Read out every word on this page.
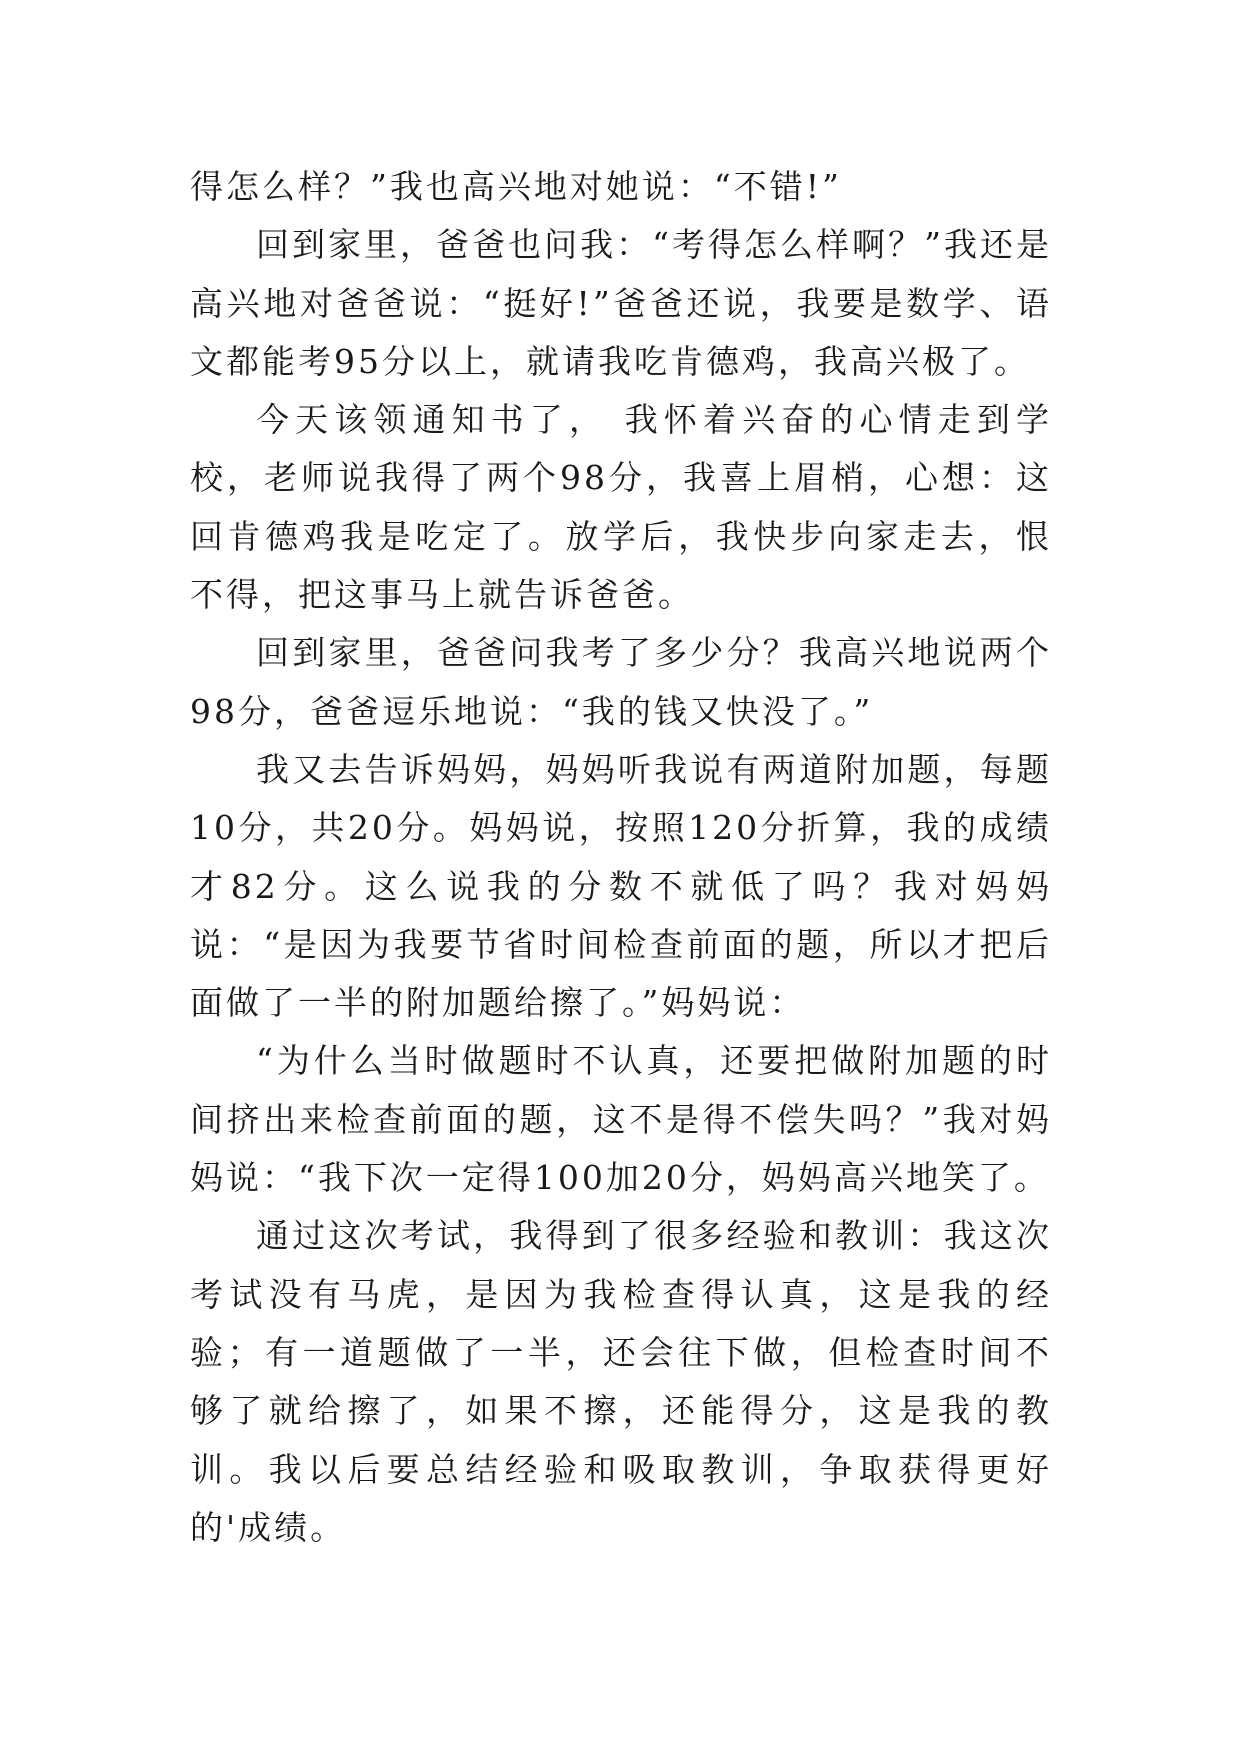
得怎么样？”我也高兴地对她说：“不错!”

回到家里，爸爸也问我：“考得怎么样啊？”我还是高兴地对爸爸说：“挺好!”爸爸还说，我要是数学、语文都能考95分以上，就请我吃肯德鸡，我高兴极了。

今天该领通知书了， 我怀着兴奋的心情走到学校，老师说我得了两个98分，我喜上眉梢，心想：这回肯德鸡我是吃定了。放学后，我快步向家走去，恨不得，把这事马上就告诉爸爸。

回到家里，爸爸问我考了多少分？我高兴地说两个98分，爸爸逗乐地说：“我的钱又快没了。”

我又去告诉妈妈，妈妈听我说有两道附加题，每题10分，共20分。妈妈说，按照120分折算，我的成绩才82分。这么说我的分数不就低了吗？我对妈妈说：“是因为我要节省时间检查前面的题，所以才把后面做了一半的附加题给擦了。”妈妈说：

“为什么当时做题时不认真，还要把做附加题的时间挤出来检查前面的题，这不是得不偿失吗？”我对妈妈说：“我下次一定得100加20分，妈妈高兴地笑了。

通过这次考试，我得到了很多经验和教训：我这次考试没有马虎，是因为我检查得认真，这是我的经验；有一道题做了一半，还会往下做，但检查时间不够了就给擦了，如果不擦，还能得分，这是我的教训。我以后要总结经验和吸取教训，争取获得更好的'成绩。
